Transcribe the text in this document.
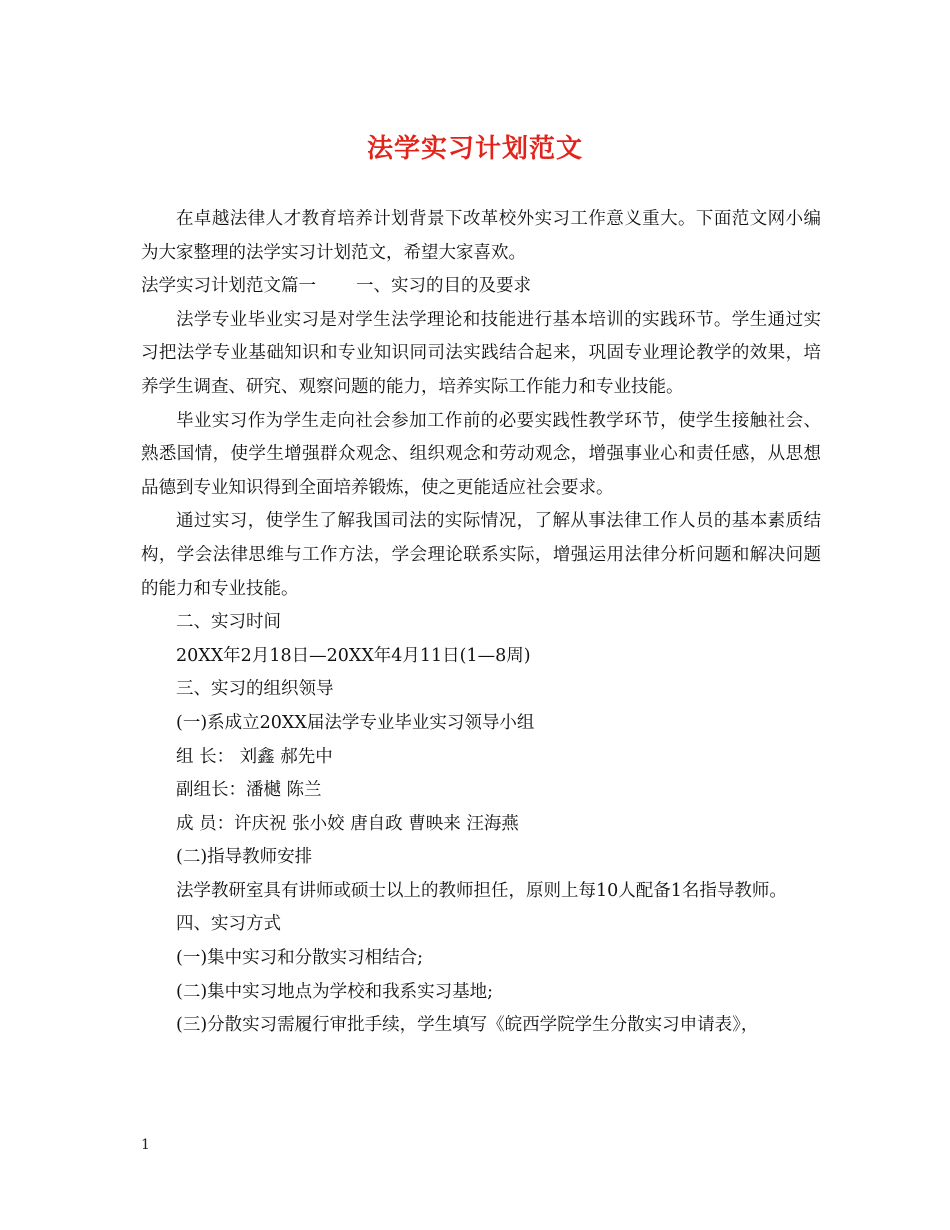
法学实习计划范文

在卓越法律人才教育培养计划背景下改革校外实习工作意义重大。下面范文网小编为大家整理的法学实习计划范文，希望大家喜欢。

法学实习计划范文篇一 一、实习的目的及要求

法学专业毕业实习是对学生法学理论和技能进行基本培训的实践环节。学生通过实习把法学专业基础知识和专业知识同司法实践结合起来，巩固专业理论教学的效果，培养学生调查、研究、观察问题的能力，培养实际工作能力和专业技能。

毕业实习作为学生走向社会参加工作前的必要实践性教学环节，使学生接触社会、熟悉国情，使学生增强群众观念、组织观念和劳动观念，增强事业心和责任感，从思想品德到专业知识得到全面培养锻炼，使之更能适应社会要求。

通过实习，使学生了解我国司法的实际情况，了解从事法律工作人员的基本素质结构，学会法律思维与工作方法，学会理论联系实际，增强运用法律分析问题和解决问题的能力和专业技能。

二、实习时间

20XX年2月18日—20XX年4月11日(1—8周)

三、实习的组织领导

(一)系成立20XX届法学专业毕业实习领导小组

组 长： 刘鑫 郝先中

副组长：潘樾 陈兰

成 员：许庆祝 张小姣 唐自政 曹映来 汪海燕

(二)指导教师安排

法学教研室具有讲师或硕士以上的教师担任，原则上每10人配备1名指导教师。

四、实习方式

(一)集中实习和分散实习相结合;

(二)集中实习地点为学校和我系实习基地;

(三)分散实习需履行审批手续，学生填写《皖西学院学生分散实习申请表》，

1
